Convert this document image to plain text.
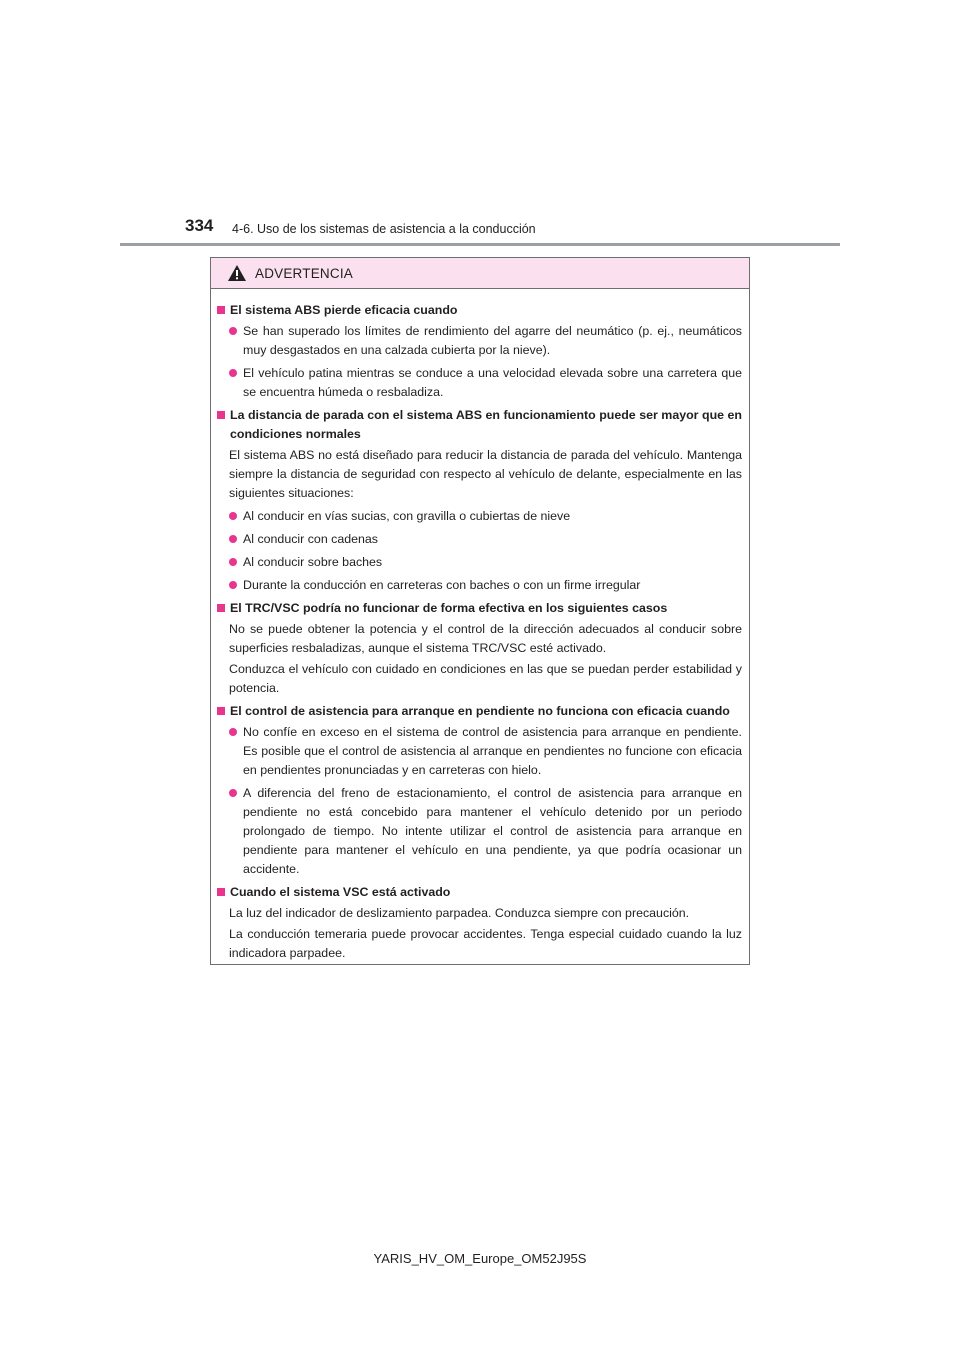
334 4-6. Uso de los sistemas de asistencia a la conducción
ADVERTENCIA
El sistema ABS pierde eficacia cuando
Se han superado los límites de rendimiento del agarre del neumático (p. ej., neumáticos muy desgastados en una calzada cubierta por la nieve).
El vehículo patina mientras se conduce a una velocidad elevada sobre una carretera que se encuentra húmeda o resbaladiza.
La distancia de parada con el sistema ABS en funcionamiento puede ser mayor que en condiciones normales
El sistema ABS no está diseñado para reducir la distancia de parada del vehículo. Mantenga siempre la distancia de seguridad con respecto al vehículo de delante, especialmente en las siguientes situaciones:
Al conducir en vías sucias, con gravilla o cubiertas de nieve
Al conducir con cadenas
Al conducir sobre baches
Durante la conducción en carreteras con baches o con un firme irregular
El TRC/VSC podría no funcionar de forma efectiva en los siguientes casos
No se puede obtener la potencia y el control de la dirección adecuados al conducir sobre superficies resbaladizas, aunque el sistema TRC/VSC esté activado.
Conduzca el vehículo con cuidado en condiciones en las que se puedan perder estabilidad y potencia.
El control de asistencia para arranque en pendiente no funciona con eficacia cuando
No confíe en exceso en el sistema de control de asistencia para arranque en pendiente. Es posible que el control de asistencia al arranque en pendientes no funcione con eficacia en pendientes pronunciadas y en carreteras con hielo.
A diferencia del freno de estacionamiento, el control de asistencia para arranque en pendiente no está concebido para mantener el vehículo detenido por un periodo prolongado de tiempo. No intente utilizar el control de asistencia para arranque en pendiente para mantener el vehículo en una pendiente, ya que podría ocasionar un accidente.
Cuando el sistema VSC está activado
La luz del indicador de deslizamiento parpadea. Conduzca siempre con precaución.
La conducción temeraria puede provocar accidentes. Tenga especial cuidado cuando la luz indicadora parpadee.
YARIS_HV_OM_Europe_OM52J95S
